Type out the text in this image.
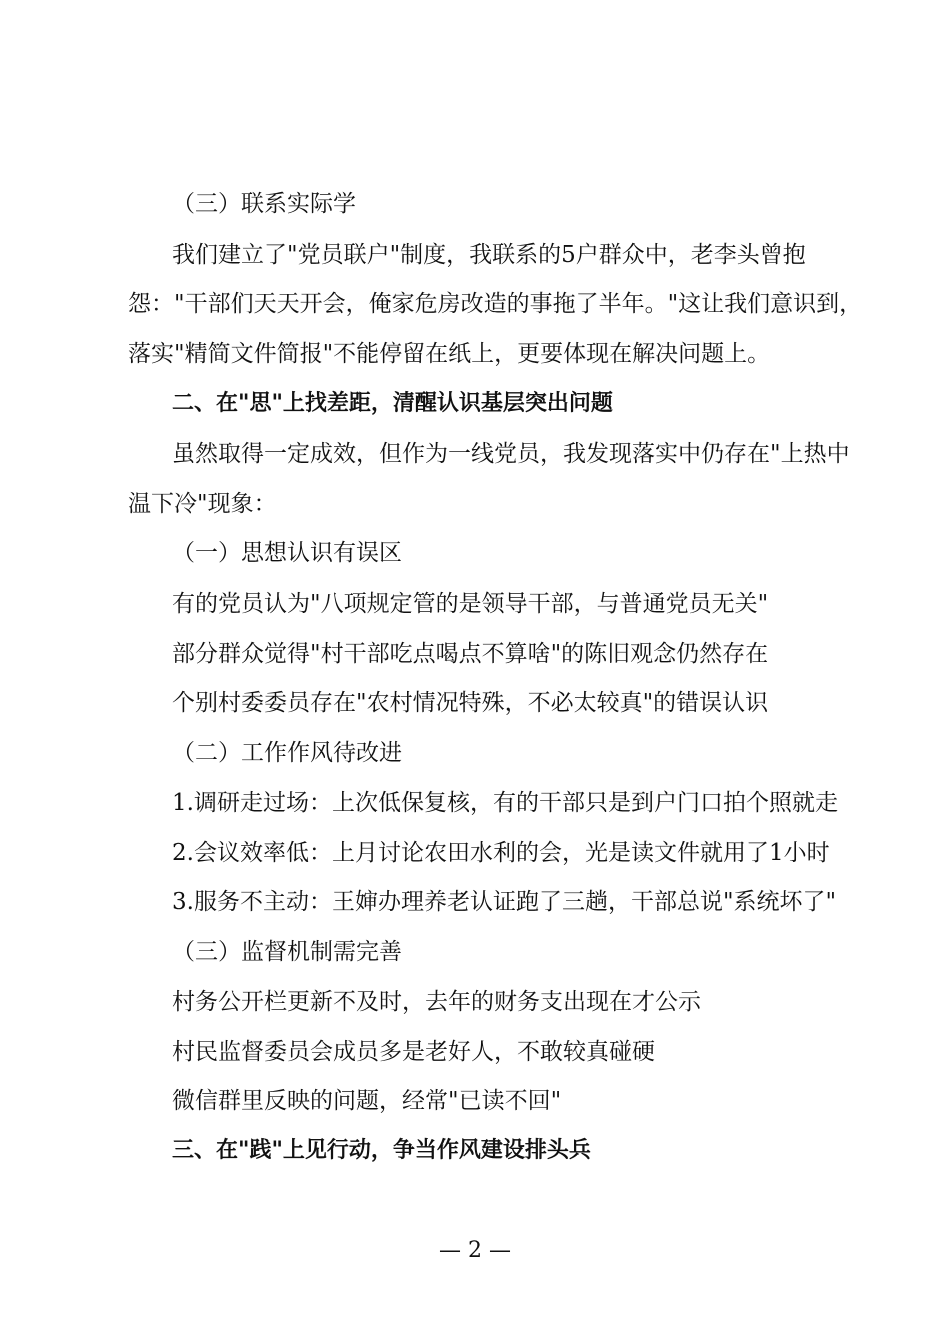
（三）联系实际学
我们建立了"党员联户"制度，我联系的5户群众中，老李头曾抱
怨："干部们天天开会，俺家危房改造的事拖了半年。"这让我们意识到，
落实"精简文件简报"不能停留在纸上，更要体现在解决问题上。
二、在"思"上找差距，清醒认识基层突出问题
虽然取得一定成效，但作为一线党员，我发现落实中仍存在"上热中
温下冷"现象：
（一）思想认识有误区
有的党员认为"八项规定管的是领导干部，与普通党员无关"
部分群众觉得"村干部吃点喝点不算啥"的陈旧观念仍然存在
个别村委委员存在"农村情况特殊，不必太较真"的错误认识
（二）工作作风待改进
1.调研走过场：上次低保复核，有的干部只是到户门口拍个照就走
2.会议效率低：上月讨论农田水利的会，光是读文件就用了1小时
3.服务不主动：王婶办理养老认证跑了三趟，干部总说"系统坏了"
（三）监督机制需完善
村务公开栏更新不及时，去年的财务支出现在才公示
村民监督委员会成员多是老好人，不敢较真碰硬
微信群里反映的问题，经常"已读不回"
三、在"践"上见行动，争当作风建设排头兵
— 2 —
